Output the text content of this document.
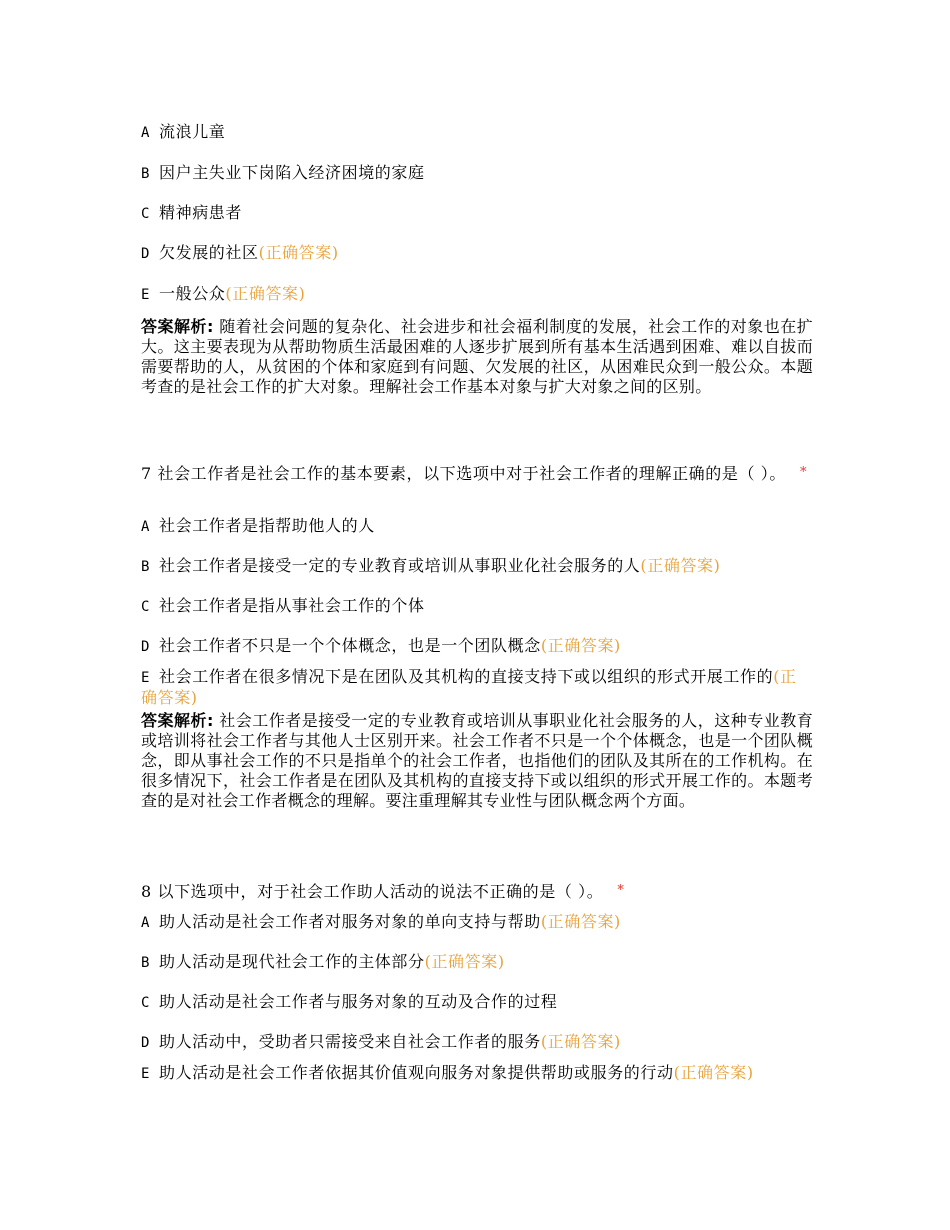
A 流浪儿童
B 因户主失业下岗陷入经济困境的家庭
C 精神病患者
D 欠发展的社区(正确答案)
E 一般公众(正确答案)
答案解析: 随着社会问题的复杂化、社会进步和社会福利制度的发展，社会工作的对象也在扩大。这主要表现为从帮助物质生活最困难的人逐步扩展到所有基本生活遇到困难、难以自拔而需要帮助的人，从贫困的个体和家庭到有问题、欠发展的社区，从困难民众到一般公众。本题考查的是社会工作的扩大对象。理解社会工作基本对象与扩大对象之间的区别。
7 社会工作者是社会工作的基本要素，以下选项中对于社会工作者的理解正确的是（ ）。 *
A 社会工作者是指帮助他人的人
B 社会工作者是接受一定的专业教育或培训从事职业化社会服务的人(正确答案)
C 社会工作者是指从事社会工作的个体
D 社会工作者不只是一个个体概念，也是一个团队概念(正确答案)
E 社会工作者在很多情况下是在团队及其机构的直接支持下或以组织的形式开展工作的(正确答案)
答案解析: 社会工作者是接受一定的专业教育或培训从事职业化社会服务的人，这种专业教育或培训将社会工作者与其他人士区别开来。社会工作者不只是一个个体概念，也是一个团队概念，即从事社会工作的不只是指单个的社会工作者，也指他们的团队及其所在的工作机构。在很多情况下，社会工作者是在团队及其机构的直接支持下或以组织的形式开展工作的。本题考查的是对社会工作者概念的理解。要注重理解其专业性与团队概念两个方面。
8 以下选项中，对于社会工作助人活动的说法不正确的是（ ）。 *
A 助人活动是社会工作者对服务对象的单向支持与帮助(正确答案)
B 助人活动是现代社会工作的主体部分(正确答案)
C 助人活动是社会工作者与服务对象的互动及合作的过程
D 助人活动中，受助者只需接受来自社会工作者的服务(正确答案)
E 助人活动是社会工作者依据其价值观向服务对象提供帮助或服务的行动(正确答案)
